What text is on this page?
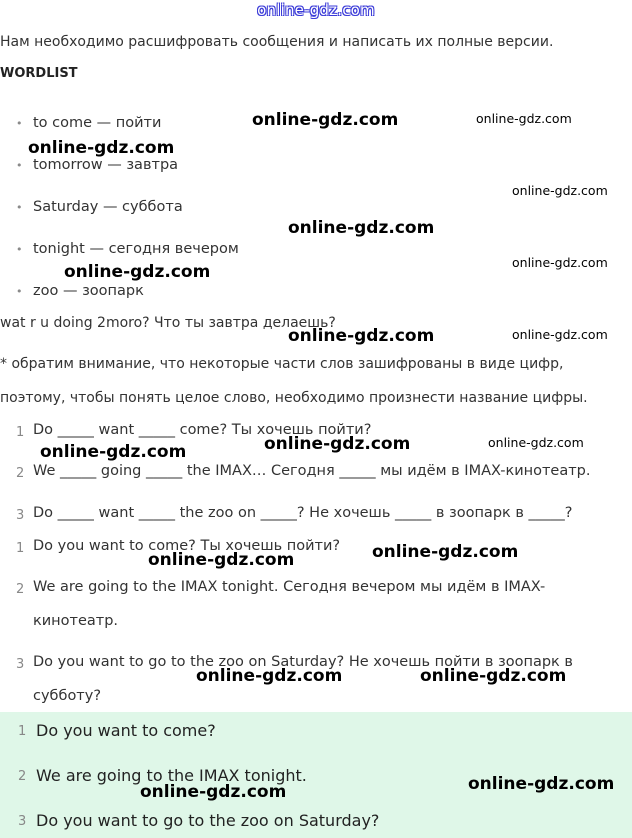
online-gdz.com
Нам необходимо расшифровать сообщения и написать их полные версии.
WORDLIST
• to come — пойти
• tomorrow — завтра
• Saturday — суббота
• tonight — сегодня вечером
• zoo — зоопарк
wat r u doing 2moro? Что ты завтра делаешь?
* обратим внимание, что некоторые части слов зашифрованы в виде цифр,
поэтому, чтобы понять целое слово, необходимо произнести название цифры.
1 Do _____ want _____ come? Ты хочешь пойти?
2 We _____ going _____ the IMAX… Сегодня _____ мы идём в IMAX-кинотеатр.
3 Do _____ want _____ the zoo on _____? Не хочешь _____ в зоопарк в _____?
1 Do you want to come? Ты хочешь пойти?
2 We are going to the IMAX tonight. Сегодня вечером мы идём в IMAX-
кинотеатр.
3 Do you want to go to the zoo on Saturday? Не хочешь пойти в зоопарк в
субботу?
1 Do you want to come?
2 We are going to the IMAX tonight.
3 Do you want to go to the zoo on Saturday?
online-gdz.com	online-gdz.com
online-gdz.com
online-gdz.com
online-gdz.com
online-gdz.com
online-gdz.com
online-gdz.com	online-gdz.com
online-gdz.com	online-gdz.com
online-gdz.com
online-gdz.com
online-gdz.com
online-gdz.com	online-gdz.com
online-gdz.com
online-gdz.com
